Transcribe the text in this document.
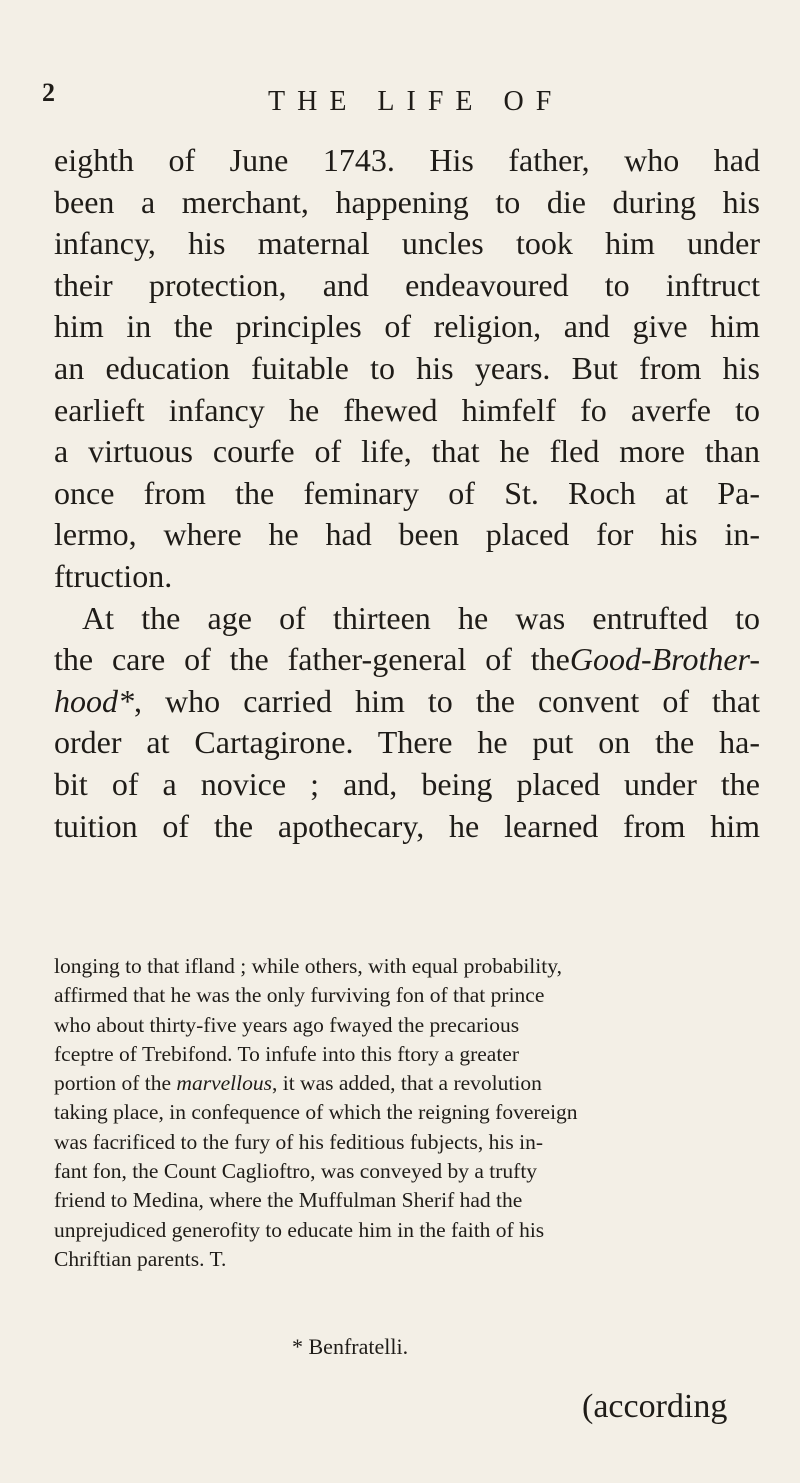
2	THE LIFE OF
eighth of June 1743. His father, who had
been a merchant, happening to die during his
infancy, his maternal uncles took him under
their protection, and endeavoured to inftruct
him in the principles of religion, and give him
an education fuitable to his years. But from his
earlieft infancy he fhewed himfelf fo averfe to
a virtuous courfe of life, that he fled more than
once from the feminary of St. Roch at Pa-
lermo, where he had been placed for his in-
ftruction.
At the age of thirteen he was entrufted to
the care of the father-general of theGood-Brother-
hood*, who carried him to the convent of that
order at Cartagirone. There he put on the ha-
bit of a novice ; and, being placed under the
tuition of the apothecary, he learned from him
longing to that ifland ; while others, with equal probability,
affirmed that he was the only furviving fon of that prince
who about thirty-five years ago fwayed the precarious
fceptre of Trebifond. To infufe into this ftory a greater
portion of the marvellous, it was added, that a revolution
taking place, in confequence of which the reigning fovereign
was facrificed to the fury of his feditious fubjects, his in-
fant fon, the Count Caglioftro, was conveyed by a trufty
friend to Medina, where the Muffulman Sherif had the
unprejudiced generofity to educate him in the faith of his
Chriftian parents. T.
* Benfratelli.
(according
